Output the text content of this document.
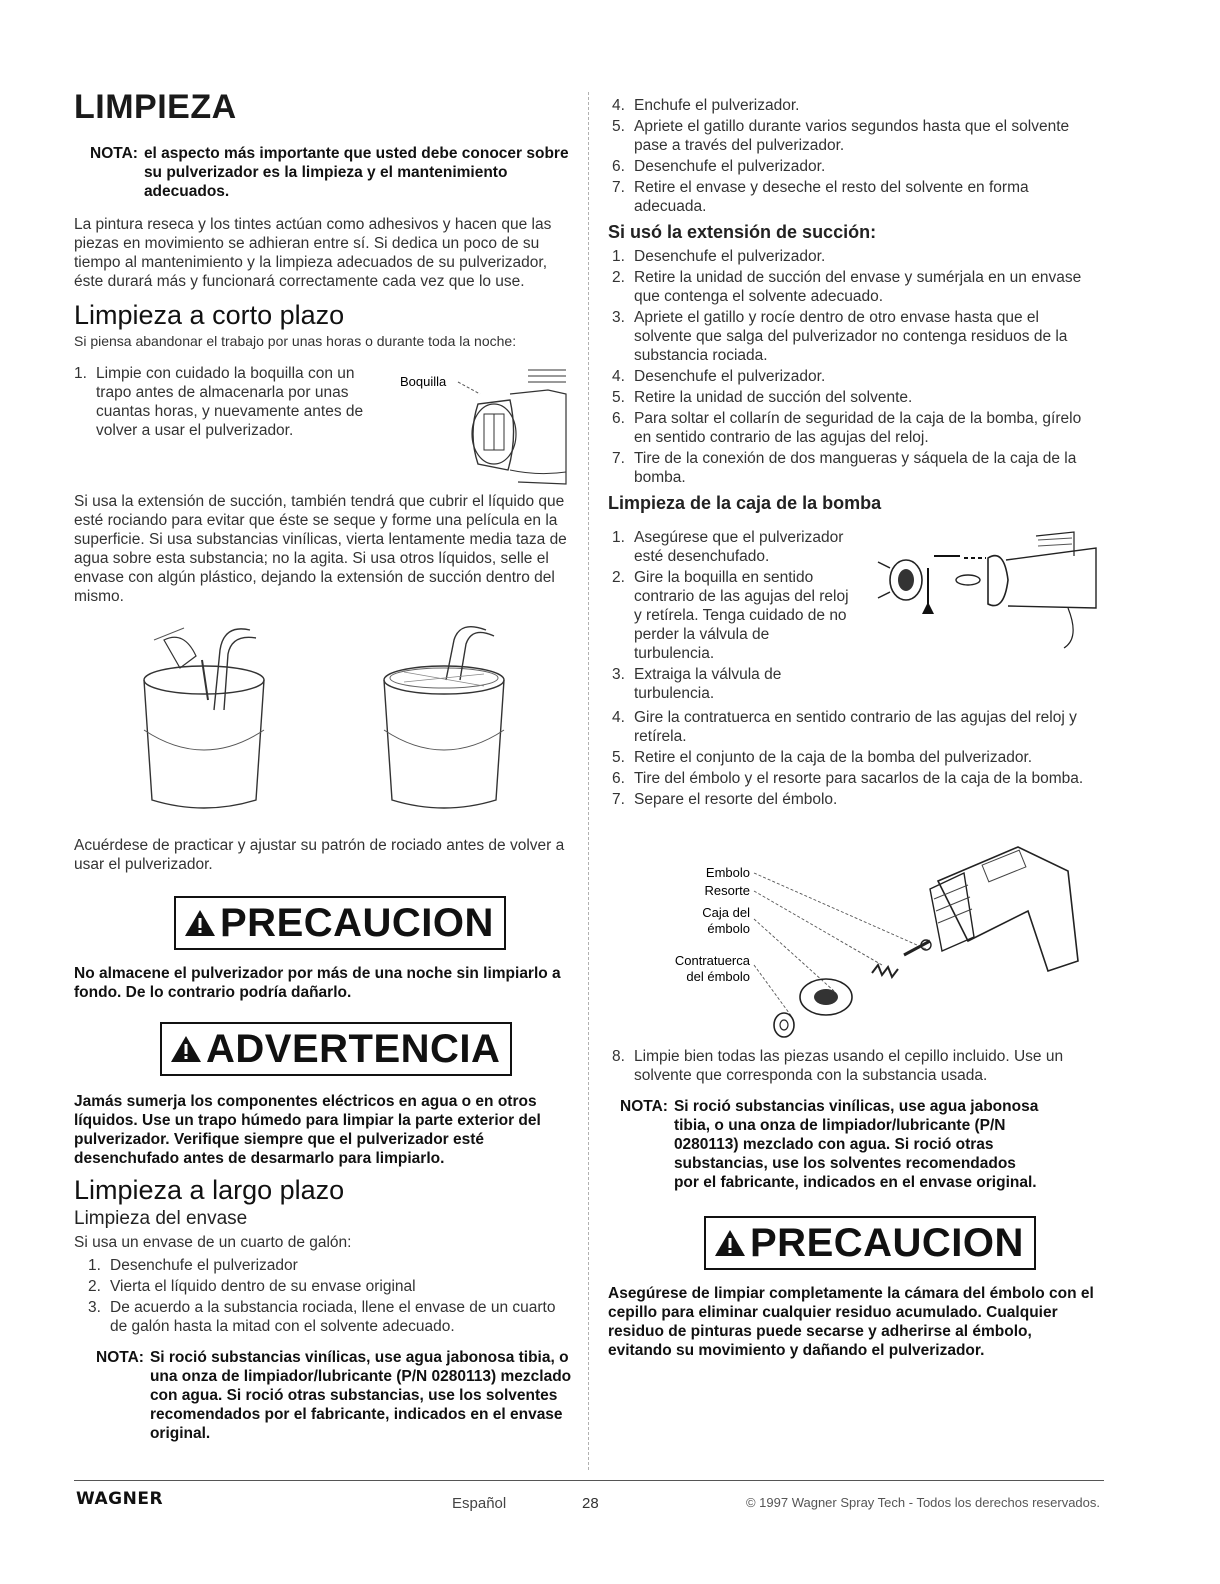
LIMPIEZA
NOTA: el aspecto más importante que usted debe conocer sobre su pulverizador es la limpieza y el mantenimiento adecuados.

La pintura reseca y los tintes actúan como adhesivos y hacen que las piezas en movimiento se adhieran entre sí. Si dedica un poco de su tiempo al mantenimiento y la limpieza adecuados de su pulverizador, éste durará más y funcionará correctamente cada vez que lo use.

Limpieza a corto plazo

Si piensa abandonar el trabajo por unas horas o durante toda la noche:

1. Limpie con cuidado la boquilla con un trapo antes de almacenarla por unas cuantas horas, y nuevamente antes de volver a usar el pulverizador.

Boquilla

Si usa la extensión de succión, también tendrá que cubrir el líquido que esté rociando para evitar que éste se seque y forme una película en la superficie. Si usa substancias vinílicas, vierta lentamente media taza de agua sobre esta substancia; no la agita. Si usa otros líquidos, selle el envase con algún plástico, dejando la extensión de succión dentro del mismo.

Acuérdese de practicar y ajustar su patrón de rociado antes de volver a usar el pulverizador.

PRECAUCION

No almacene el pulverizador por más de una noche sin limpiarlo a fondo. De lo contrario podría dañarlo.

ADVERTENCIA

Jamás sumerja los componentes eléctricos en agua o en otros líquidos. Use un trapo húmedo para limpiar la parte exterior del pulverizador. Verifique siempre que el pulverizador esté desenchufado antes de desarmarlo para limpiarlo.

Limpieza a largo plazo
Limpieza del envase

Si usa un envase de un cuarto de galón:

1. Desenchufe el pulverizador
2. Vierta el líquido dentro de su envase original
3. De acuerdo a la substancia rociada, llene el envase de un cuarto de galón hasta la mitad con el solvente adecuado.
NOTA: Si roció substancias vinílicas, use agua jabonosa tibia, o una onza de limpiador/lubricante (P/N 0280113) mezclado con agua. Si roció otras substancias, use los solventes recomendados por el fabricante, indicados en el envase original.
4. Enchufe el pulverizador.
5. Apriete el gatillo durante varios segundos hasta que el solvente pase a través del pulverizador.
6. Desenchufe el pulverizador.
7. Retire el envase y deseche el resto del solvente en forma adecuada.
Si usó la extensión de succión:
1. Desenchufe el pulverizador.
2. Retire la unidad de succión del envase y sumérjala en un envase que contenga el solvente adecuado.
3. Apriete el gatillo y rocíe dentro de otro envase hasta que el solvente que salga del pulverizador no contenga residuos de la substancia rociada.
4. Desenchufe el pulverizador.
5. Retire la unidad de succión del solvente.
6. Para soltar el collarín de seguridad de la caja de la bomba, gírelo en sentido contrario de las agujas del reloj.
7. Tire de la conexión de dos mangueras y sáquela de la caja de la bomba.
Limpieza de la caja de la bomba
1. Asegúrese que el pulverizador esté desenchufado.
2. Gire la boquilla en sentido contrario de las agujas del reloj y retírela. Tenga cuidado de no perder la válvula de turbulencia.
3. Extraiga la válvula de turbulencia.
4. Gire la contratuerca en sentido contrario de las agujas del reloj y retírela.
5. Retire el conjunto de la caja de la bomba del pulverizador.
6. Tire del émbolo y el resorte para sacarlos de la caja de la bomba.
7. Separe el resorte del émbolo.
Embolo
Resorte
Caja del
émbolo
Contratuerca
del émbolo
8. Limpie bien todas las piezas usando el cepillo incluido. Use un solvente que corresponda con la substancia usada.
NOTA: Si roció substancias vinílicas, use agua jabonosa tibia, o una onza de limpiador/lubricante (P/N 0280113) mezclado con agua. Si roció otras substancias, use los solventes recomendados por el fabricante, indicados en el envase original.
PRECAUCION

Asegúrese de limpiar completamente la cámara del émbolo con el cepillo para eliminar cualquier residuo acumulado. Cualquier residuo de pinturas puede secarse y adherirse al émbolo, evitando su movimiento y dañando el pulverizador.

WAGNER	Español	28	© 1997 Wagner Spray Tech - Todos los derechos reservados.
